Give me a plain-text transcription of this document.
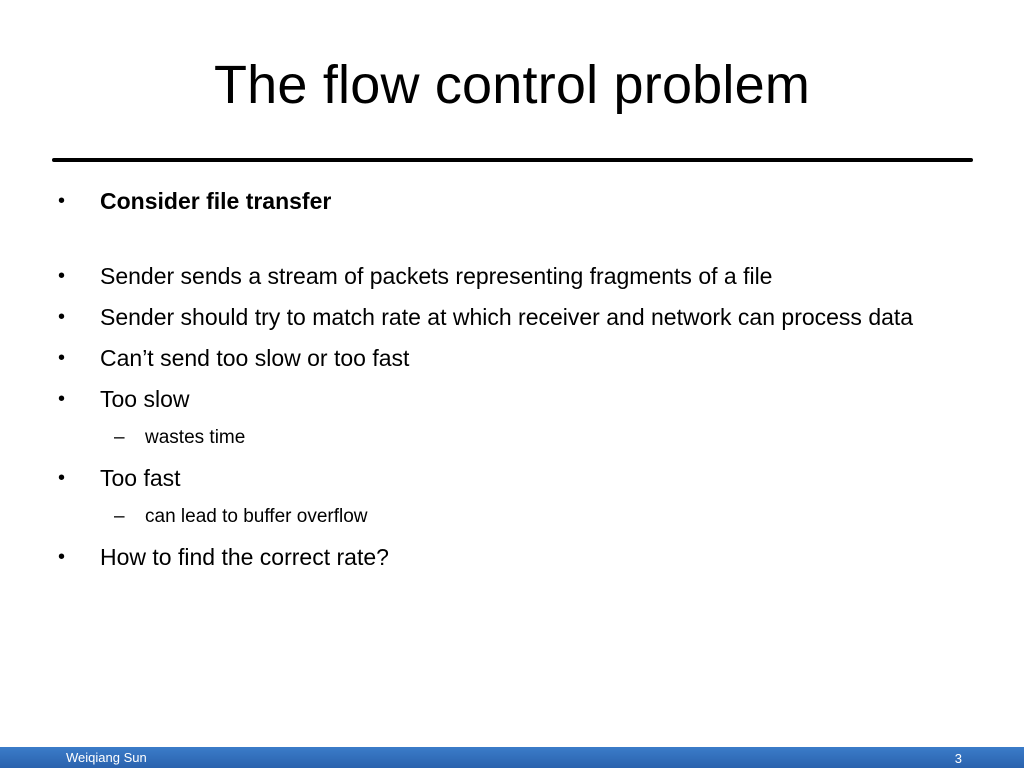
The flow control problem
•	Consider file transfer
•	Sender sends a stream of packets representing fragments of a file
•	Sender should try to match rate at which receiver and network can process data
•	Can’t send too slow or too fast
•	Too slow
–	wastes time
•	Too fast
–	can lead to buffer overflow
•	How to find the correct rate?
Weiqiang Sun	3
